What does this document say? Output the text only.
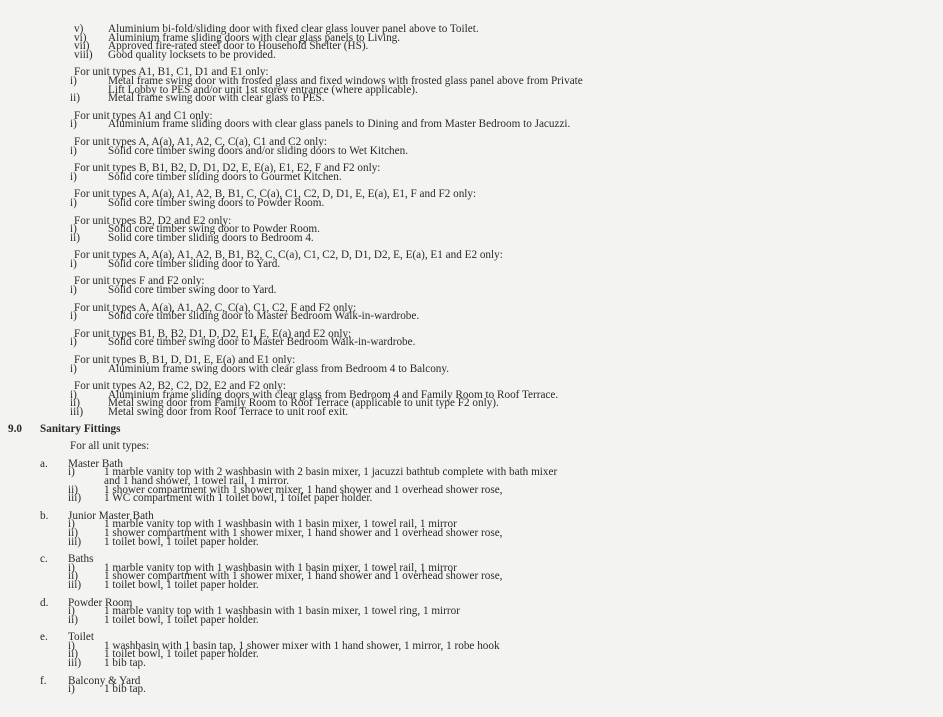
v) Aluminium bi-fold/sliding door with fixed clear glass louver panel above to Toilet.
vi) Aluminium frame sliding doors with clear glass panels to Living.
vii) Approved fire-rated steel door to Household Shelter (HS).
viii) Good quality locksets to be provided.
For unit types A1, B1, C1, D1 and E1 only:
i)	Metal frame swing door with frosted glass and fixed windows with frosted glass panel above from Private
Lift Lobby to PES and/or unit 1st storey entrance (where applicable).
ii)	Metal frame swing door with clear glass to PES.
For unit types A1 and C1 only:
i)	Aluminium frame sliding doors with clear glass panels to Dining and from Master Bedroom to Jacuzzi.
For unit types A, A(a), A1, A2, C, C(a), C1 and C2 only:
i)	Solid core timber swing doors and/or sliding doors to Wet Kitchen.
For unit types B, B1, B2, D, D1, D2, E, E(a), E1, E2, F and F2 only:
i)	Solid core timber sliding doors to Gourmet Kitchen.
For unit types A, A(a), A1, A2, B, B1, C, C(a), C1, C2, D, D1, E, E(a), E1, F and F2 only:
i)	Solid core timber swing doors to Powder Room.
For unit types B2, D2 and E2 only:
i)	Solid core timber swing door to Powder Room.
ii)	Solid core timber sliding doors to Bedroom 4.
For unit types A, A(a), A1, A2, B, B1, B2, C, C(a), C1, C2, D, D1, D2, E, E(a), E1 and E2 only:
i)	Solid core timber sliding door to Yard.
For unit types F and F2 only:
i)	Solid core timber swing door to Yard.
For unit types A, A(a), A1, A2, C, C(a), C1, C2, F and F2 only:
i)	Solid core timber sliding door to Master Bedroom Walk-in-wardrobe.
For unit types B1, B, B2, D1, D, D2, E1, E, E(a) and E2 only:
i)	Solid core timber swing door to Master Bedroom Walk-in-wardrobe.
For unit types B, B1, D, D1, E, E(a) and E1 only:
i)	Aluminium frame swing doors with clear glass from Bedroom 4 to Balcony.
For unit types A2, B2, C2, D2, E2 and F2 only:
i)	Aluminium frame sliding doors with clear glass from Bedroom 4 and Family Room to Roof Terrace.
ii)	Metal swing door from Family Room to Roof Terrace (applicable to unit type F2 only).
iii) Metal swing door from Roof Terrace to unit roof exit.
9.0 Sanitary Fittings
For all unit types:
a. Master Bath
i)	1 marble vanity top with 2 washbasin with 2 basin mixer, 1 jacuzzi bathtub complete with bath mixer
and 1 hand shower, 1 towel rail, 1 mirror.
ii) 1 shower compartment with 1 shower mixer, 1 hand shower and 1 overhead shower rose,
iii) 1 WC compartment with 1 toilet bowl, 1 toilet paper holder.
b. Junior Master Bath
i)	1 marble vanity top with 1 washbasin with 1 basin mixer, 1 towel rail, 1 mirror
ii) 1 shower compartment with 1 shower mixer, 1 hand shower and 1 overhead shower rose,
iii) 1 toilet bowl, 1 toilet paper holder.
c. Baths
i)	1 marble vanity top with 1 washbasin with 1 basin mixer, 1 towel rail, 1 mirror
ii) 1 shower compartment with 1 shower mixer, 1 hand shower and 1 overhead shower rose,
iii) 1 toilet bowl, 1 toilet paper holder.
d. Powder Room
i)	1 marble vanity top with 1 washbasin with 1 basin mixer, 1 towel ring, 1 mirror
ii) 1 toilet bowl, 1 toilet paper holder.
e. Toilet
i)	1 washbasin with 1 basin tap, 1 shower mixer with 1 hand shower, 1 mirror, 1 robe hook
ii) 1 toilet bowl, 1 toilet paper holder.
iii) 1 bib tap.
f. Balcony & Yard
i)	1 bib tap.
